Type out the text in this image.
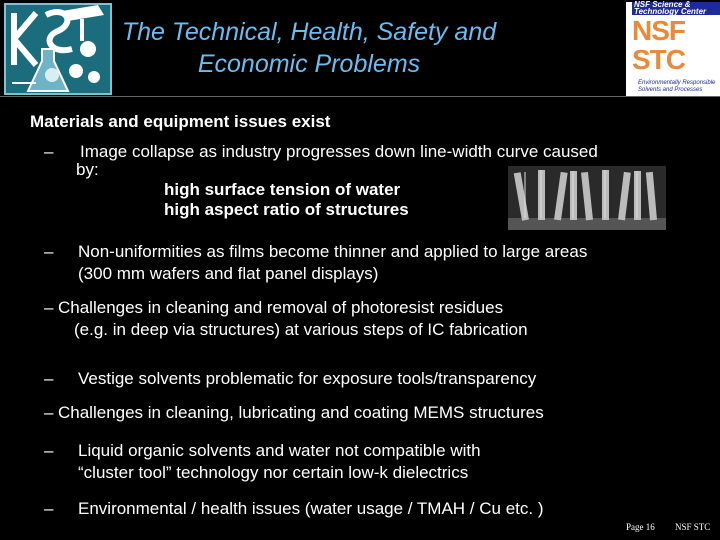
The Technical, Health, Safety and
Economic Problems
NSF Science &
Technology Center
NSF
STC
Environmentally Responsible Solvents and Processes
Materials and equipment issues exist
– Image collapse as industry progresses down line-width curve caused
by:
high surface tension of water
high aspect ratio of structures
– Non-uniformities as films become thinner and applied to large areas
(300 mm wafers and flat panel displays)
– Challenges in cleaning and removal of photoresist residues
(e.g. in deep via structures) at various steps of IC fabrication
– Vestige solvents problematic for exposure tools/transparency
– Challenges in cleaning, lubricating and coating MEMS structures
– Liquid organic solvents and water not compatible with
“cluster tool” technology nor certain low-k dielectrics
– Environmental / health issues (water usage / TMAH / Cu etc. )
Page 16 NSF STC
